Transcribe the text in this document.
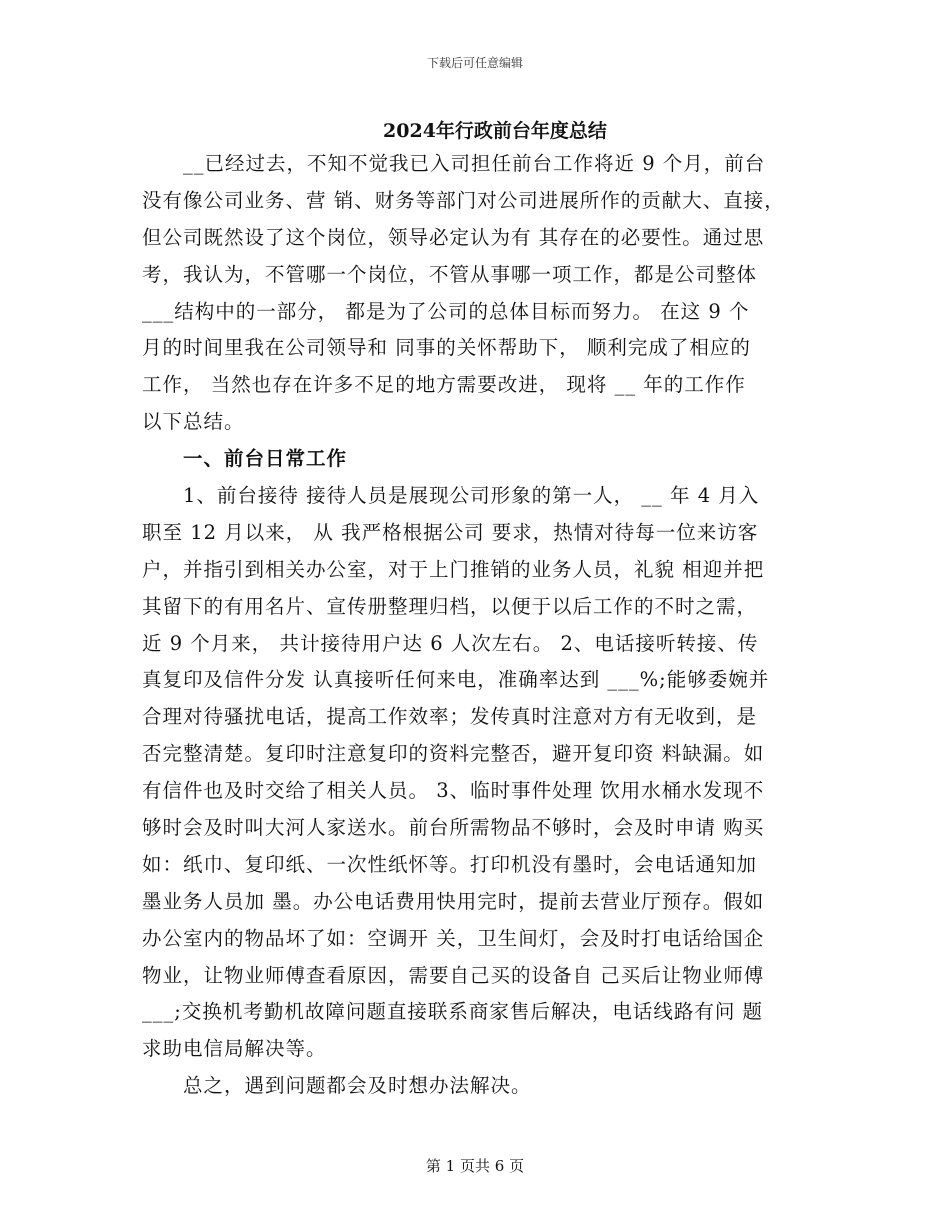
下载后可任意编辑
2024年行政前台年度总结
　　__已经过去，不知不觉我已入司担任前台工作将近 9 个月，前台
没有像公司业务、营 销、财务等部门对公司进展所作的贡献大、直接，
但公司既然设了这个岗位，领导必定认为有 其存在的必要性。通过思
考，我认为，不管哪一个岗位，不管从事哪一项工作，都是公司整体
___结构中的一部分， 都是为了公司的总体目标而努力。 在这 9 个
月的时间里我在公司领导和 同事的关怀帮助下， 顺利完成了相应的
工作， 当然也存在许多不足的地方需要改进， 现将 __ 年的工作作
以下总结。
　　一、前台日常工作
　　1、前台接待 接待人员是展现公司形象的第一人， __ 年 4 月入
职至 12 月以来， 从 我严格根据公司 要求，热情对待每一位来访客
户，并指引到相关办公室，对于上门推销的业务人员，礼貌 相迎并把
其留下的有用名片、宣传册整理归档，以便于以后工作的不时之需，
近 9 个月来， 共计接待用户达 6 人次左右。 2、电话接听转接、传
真复印及信件分发 认真接听任何来电，准确率达到 ___%;能够委婉并
合理对待骚扰电话，提高工作效率；发传真时注意对方有无收到，是
否完整清楚。复印时注意复印的资料完整否，避开复印资 料缺漏。如
有信件也及时交给了相关人员。 3、临时事件处理 饮用水桶水发现不
够时会及时叫大河人家送水。前台所需物品不够时，会及时申请 购买
如：纸巾、复印纸、一次性纸怀等。打印机没有墨时，会电话通知加
墨业务人员加 墨。办公电话费用快用完时，提前去营业厅预存。假如
办公室内的物品坏了如：空调开 关，卫生间灯，会及时打电话给国企
物业，让物业师傅查看原因，需要自己买的设备自 己买后让物业师傅
___;交换机考勤机故障问题直接联系商家售后解决，电话线路有问 题
求助电信局解决等。
　　总之，遇到问题都会及时想办法解决。
第 1 页共 6 页
